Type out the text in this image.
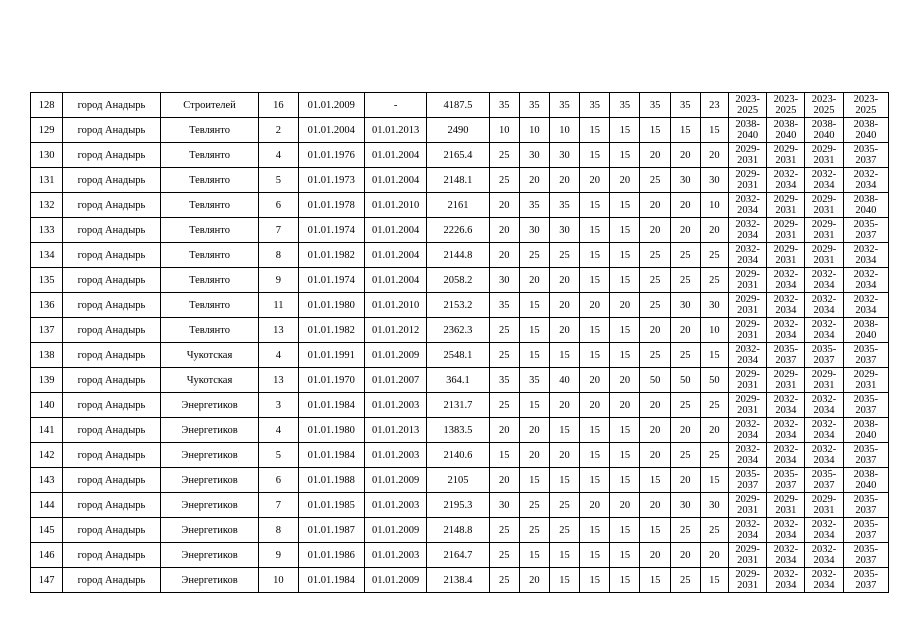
128	город Анадырь	Строителей	16	01.01.2009	-	4187.5	35	35	35	35	35	35	35	23	2023-2025	2023-2025	2023-2025	2023-2025
129	город Анадырь	Тевлянто	2	01.01.2004	01.01.2013	2490	10	10	10	15	15	15	15	15	2038-2040	2038-2040	2038-2040	2038-2040
130	город Анадырь	Тевлянто	4	01.01.1976	01.01.2004	2165.4	25	30	30	15	15	20	20	20	2029-2031	2029-2031	2029-2031	2035-2037
131	город Анадырь	Тевлянто	5	01.01.1973	01.01.2004	2148.1	25	20	20	20	20	25	30	30	2029-2031	2032-2034	2032-2034	2032-2034
132	город Анадырь	Тевлянто	6	01.01.1978	01.01.2010	2161	20	35	35	15	15	20	20	10	2032-2034	2029-2031	2029-2031	2038-2040
133	город Анадырь	Тевлянто	7	01.01.1974	01.01.2004	2226.6	20	30	30	15	15	20	20	20	2032-2034	2029-2031	2029-2031	2035-2037
134	город Анадырь	Тевлянто	8	01.01.1982	01.01.2004	2144.8	20	25	25	15	15	25	25	25	2032-2034	2029-2031	2029-2031	2032-2034
135	город Анадырь	Тевлянто	9	01.01.1974	01.01.2004	2058.2	30	20	20	15	15	25	25	25	2029-2031	2032-2034	2032-2034	2032-2034
136	город Анадырь	Тевлянто	11	01.01.1980	01.01.2010	2153.2	35	15	20	20	20	25	30	30	2029-2031	2032-2034	2032-2034	2032-2034
137	город Анадырь	Тевлянто	13	01.01.1982	01.01.2012	2362.3	25	15	20	15	15	20	20	10	2029-2031	2032-2034	2032-2034	2038-2040
138	город Анадырь	Чукотская	4	01.01.1991	01.01.2009	2548.1	25	15	15	15	15	25	25	15	2032-2034	2035-2037	2035-2037	2035-2037
139	город Анадырь	Чукотская	13	01.01.1970	01.01.2007	364.1	35	35	40	20	20	50	50	50	2029-2031	2029-2031	2029-2031	2029-2031
140	город Анадырь	Энергетиков	3	01.01.1984	01.01.2003	2131.7	25	15	20	20	20	20	25	25	2029-2031	2032-2034	2032-2034	2035-2037
141	город Анадырь	Энергетиков	4	01.01.1980	01.01.2013	1383.5	20	20	15	15	15	20	20	20	2032-2034	2032-2034	2032-2034	2038-2040
142	город Анадырь	Энергетиков	5	01.01.1984	01.01.2003	2140.6	15	20	20	15	15	20	25	25	2032-2034	2032-2034	2032-2034	2035-2037
143	город Анадырь	Энергетиков	6	01.01.1988	01.01.2009	2105	20	15	15	15	15	15	20	15	2035-2037	2035-2037	2035-2037	2038-2040
144	город Анадырь	Энергетиков	7	01.01.1985	01.01.2003	2195.3	30	25	25	20	20	20	30	30	2029-2031	2029-2031	2029-2031	2035-2037
145	город Анадырь	Энергетиков	8	01.01.1987	01.01.2009	2148.8	25	25	25	15	15	15	25	25	2032-2034	2032-2034	2032-2034	2035-2037
146	город Анадырь	Энергетиков	9	01.01.1986	01.01.2003	2164.7	25	15	15	15	15	20	20	20	2029-2031	2032-2034	2032-2034	2035-2037
147	город Анадырь	Энергетиков	10	01.01.1984	01.01.2009	2138.4	25	20	15	15	15	15	25	15	2029-2031	2032-2034	2032-2034	2035-2037
